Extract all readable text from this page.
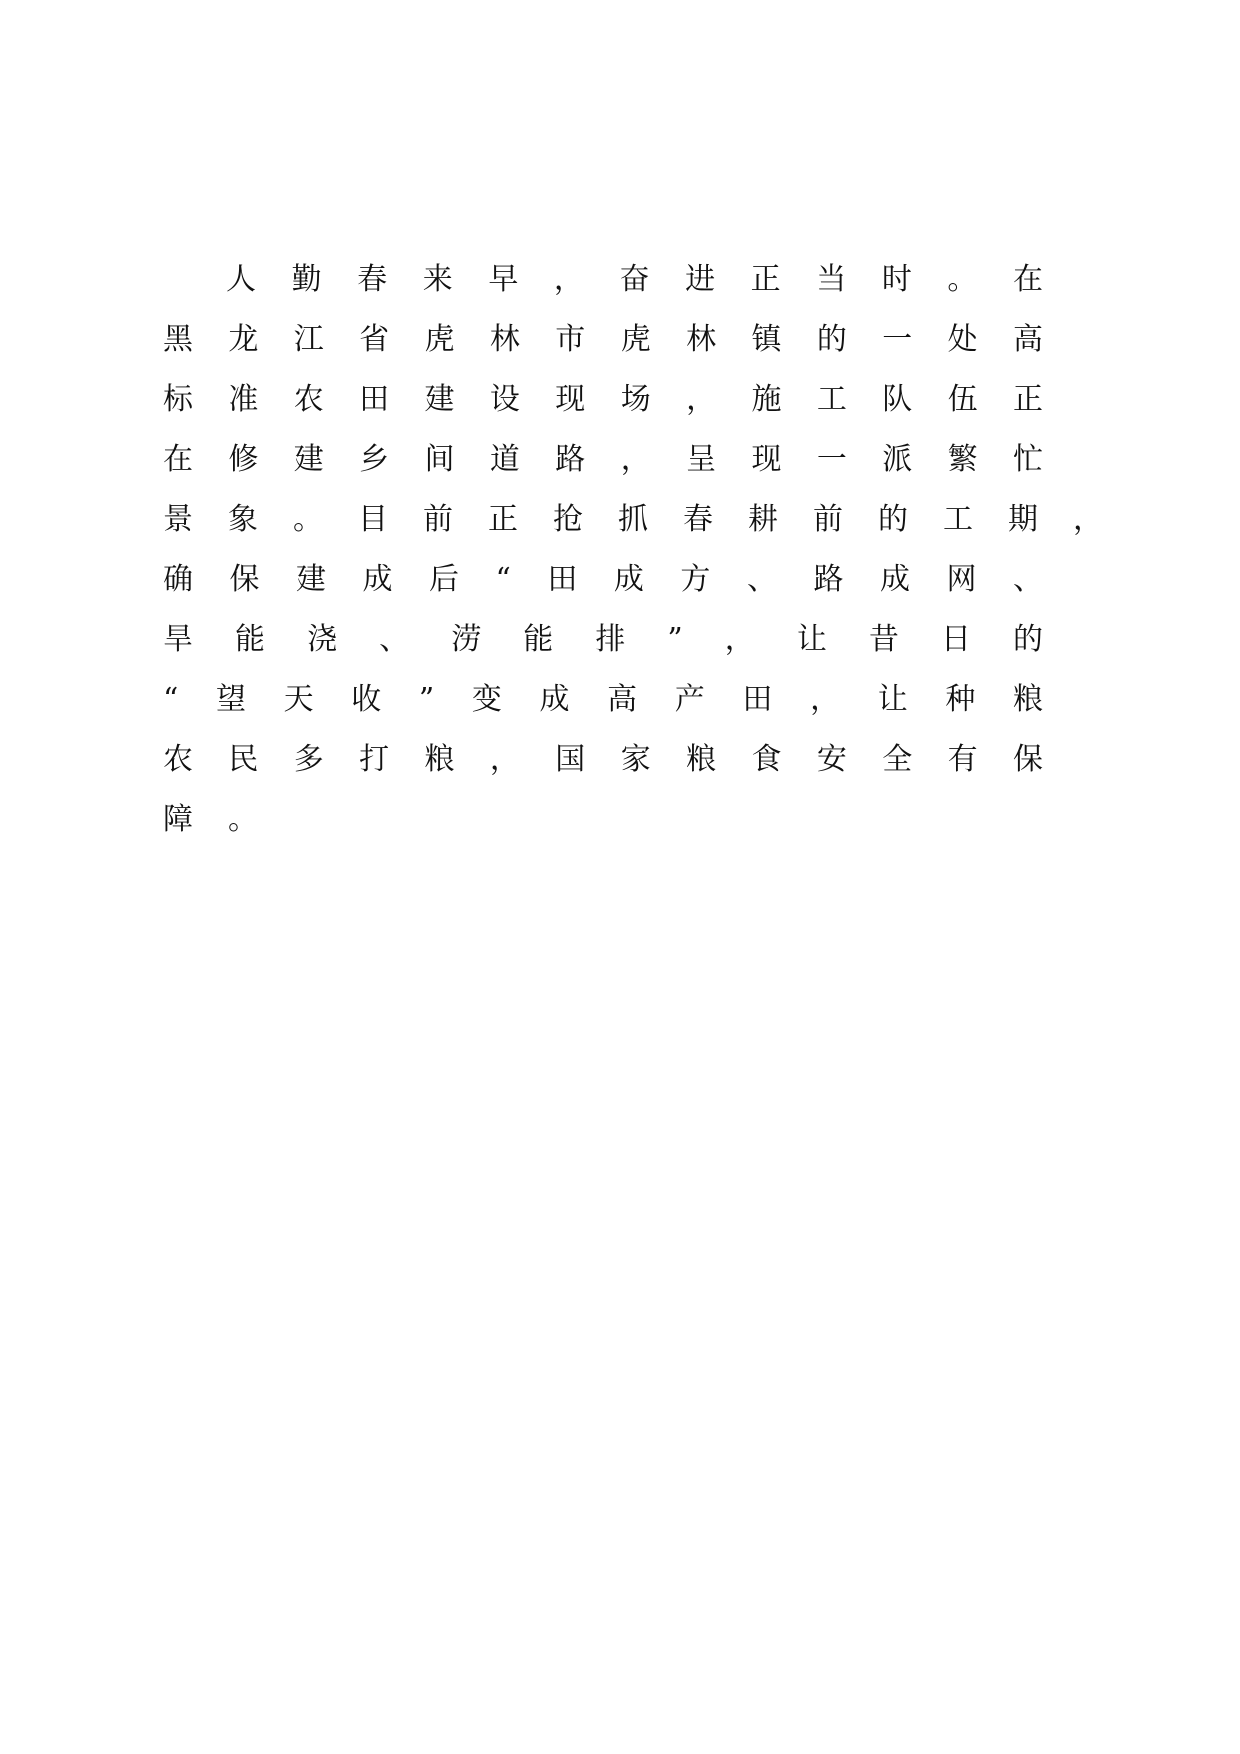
人勤春来早，奋进正当时。在
黑龙江省虎林市虎林镇的一处高
标准农田建设现场，施工队伍正
在修建乡间道路，呈现一派繁忙
景象。目前正抢抓春耕前的工期，
确保建成后“田成方、路成网、
旱能浇、涝能排”，让昔日的
“望天收”变成高产田，让种粮
农民多打粮，国家粮食安全有保
障。
